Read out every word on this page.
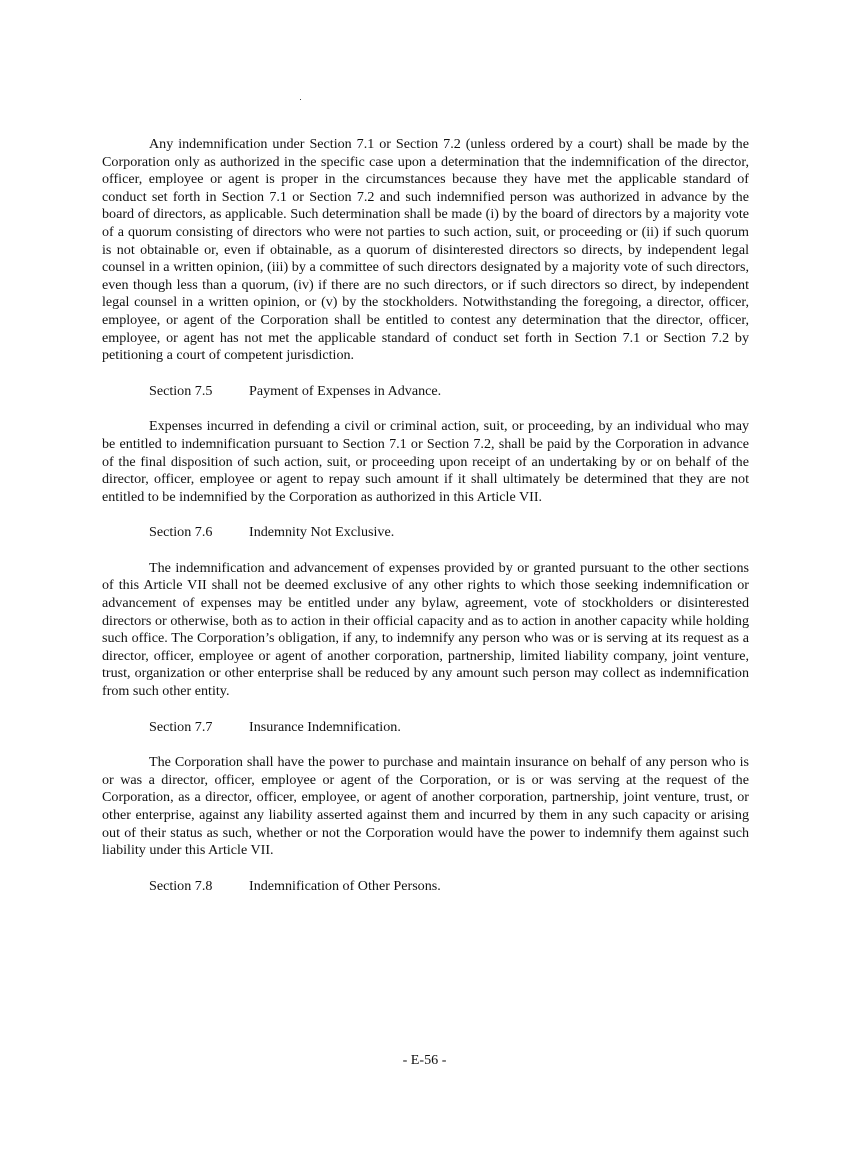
Any indemnification under Section 7.1 or Section 7.2 (unless ordered by a court) shall be made by the Corporation only as authorized in the specific case upon a determination that the indemnification of the director, officer, employee or agent is proper in the circumstances because they have met the applicable standard of conduct set forth in Section 7.1 or Section 7.2 and such indemnified person was authorized in advance by the board of directors, as applicable. Such determination shall be made (i) by the board of directors by a majority vote of a quorum consisting of directors who were not parties to such action, suit, or proceeding or (ii) if such quorum is not obtainable or, even if obtainable, as a quorum of disinterested directors so directs, by independent legal counsel in a written opinion, (iii) by a committee of such directors designated by a majority vote of such directors, even though less than a quorum, (iv) if there are no such directors, or if such directors so direct, by independent legal counsel in a written opinion, or (v) by the stockholders. Notwithstanding the foregoing, a director, officer, employee, or agent of the Corporation shall be entitled to contest any determination that the director, officer, employee, or agent has not met the applicable standard of conduct set forth in Section 7.1 or Section 7.2 by petitioning a court of competent jurisdiction.

Section 7.5	Payment of Expenses in Advance.

Expenses incurred in defending a civil or criminal action, suit, or proceeding, by an individual who may be entitled to indemnification pursuant to Section 7.1 or Section 7.2, shall be paid by the Corporation in advance of the final disposition of such action, suit, or proceeding upon receipt of an undertaking by or on behalf of the director, officer, employee or agent to repay such amount if it shall ultimately be determined that they are not entitled to be indemnified by the Corporation as authorized in this Article VII.

Section 7.6	Indemnity Not Exclusive.

The indemnification and advancement of expenses provided by or granted pursuant to the other sections of this Article VII shall not be deemed exclusive of any other rights to which those seeking indemnification or advancement of expenses may be entitled under any bylaw, agreement, vote of stockholders or disinterested directors or otherwise, both as to action in their official capacity and as to action in another capacity while holding such office. The Corporation’s obligation, if any, to indemnify any person who was or is serving at its request as a director, officer, employee or agent of another corporation, partnership, limited liability company, joint venture, trust, organization or other enterprise shall be reduced by any amount such person may collect as indemnification from such other entity.

Section 7.7	Insurance Indemnification.

The Corporation shall have the power to purchase and maintain insurance on behalf of any person who is or was a director, officer, employee or agent of the Corporation, or is or was serving at the request of the Corporation, as a director, officer, employee, or agent of another corporation, partnership, joint venture, trust, or other enterprise, against any liability asserted against them and incurred by them in any such capacity or arising out of their status as such, whether or not the Corporation would have the power to indemnify them against such liability under this Article VII.

Section 7.8	Indemnification of Other Persons.

- E-56 -
